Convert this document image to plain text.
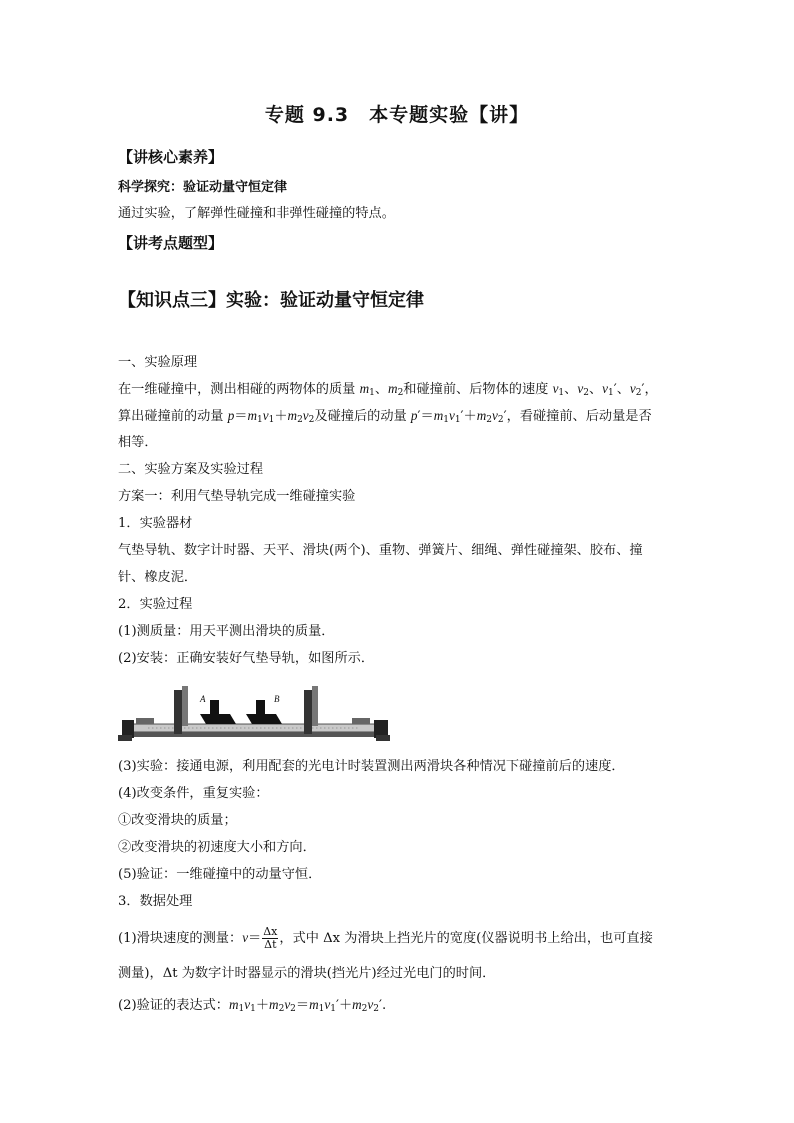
专题 9.3　本专题实验【讲】
【讲核心素养】
科学探究：验证动量守恒定律
通过实验，了解弹性碰撞和非弹性碰撞的特点。
【讲考点题型】
【知识点三】实验：验证动量守恒定律
一、实验原理
在一维碰撞中，测出相碰的两物体的质量 $m_1$、$m_2$和碰撞前、后物体的速度 $v_1$、$v_2$、$v_1'$、$v_2'$，
算出碰撞前的动量 $p=m_1v_1+m_2v_2$及碰撞后的动量 $p'=m_1v_1'+m_2v_2'$，看碰撞前、后动量是否
相等．
二、实验方案及实验过程
方案一：利用气垫导轨完成一维碰撞实验
1．实验器材
气垫导轨、数字计时器、天平、滑块(两个)、重物、弹簧片、细绳、弹性碰撞架、胶布、撞
针、橡皮泥．
2．实验过程
(1)测质量：用天平测出滑块的质量．
(2)安装：正确安装好气垫导轨，如图所示．
A	B
(3)实验：接通电源，利用配套的光电计时装置测出两滑块各种情况下碰撞前后的速度．
(4)改变条件，重复实验：
①改变滑块的质量；
②改变滑块的初速度大小和方向．
(5)验证：一维碰撞中的动量守恒．
3．数据处理
(1)滑块速度的测量：$v= \frac{\Delta x}{\Delta t}$ ，式中 Δx 为滑块上挡光片的宽度(仪器说明书上给出，也可直接
测量)，Δt 为数字计时器显示的滑块(挡光片)经过光电门的时间．
(2)验证的表达式：$m_1v_1+m_2v_2=m_1v_1'+m_2v_2'$.
